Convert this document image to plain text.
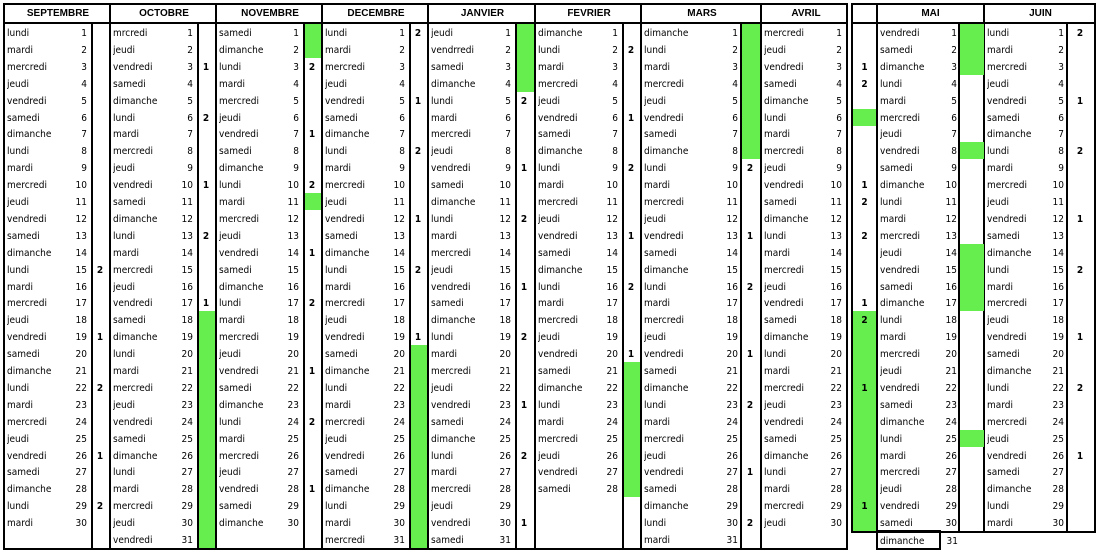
SEPTEMBRE
lundi	1
mardi	2
mercredi	3
jeudi	4
vendredi	5
samedi	6
dimanche	7
lundi	8
mardi	9
mercredi	10
jeudi	11
vendredi	12
samedi	13
dimanche	14
lundi	15 2
mardi	16
mercredi	17
jeudi	18
vendredi	19 1
samedi	20
dimanche	21
lundi	22 2
mardi	23
mercredi	24
jeudi	25
vendredi	26 1
samedi	27
dimanche	28
lundi	29 2
mardi	30
OCTOBRE
mrcredi	1
jeudi	2
vendredi	3 1
samedi	4
dimanche	5
lundi	6 2
mardi	7
mercredi	8
jeudi	9
vendredi	10 1
samedi	11
dimanche	12
lundi	13 2
mardi	14
mercredi	15
jeudi	16
vendredi	17 1
samedi	18
dimanche	19
lundi	20
mardi	21
mercredi	22
jeudi	23
vendredi	24
samedi	25
dimanche	26
lundi	27
mardi	28
mercredi	29
jeudi	30
vendredi	31
NOVEMBRE
samedi	1
dimanche	2
lundi	3 2
mardi	4
mercredi	5
jeudi	6
vendredi	7 1
samedi	8
dimanche	9
lundi	10 2
mardi	11
mercredi	12
jeudi	13
vendredi	14 1
samedi	15
dimanche	16
lundi	17 2
mardi	18
mercredi	19
jeudi	20
vendredi	21 1
samedi	22
dimanche	23
lundi	24 2
mardi	25
mercredi	26
jeudi	27
vendredi	28 1
samedi	29
dimanche	30
DECEMBRE
lundi	1 2
mardi	2
mercredi	3
jeudi	4
vendredi	5 1
samedi	6
dimanche	7
lundi	8 2
mardi	9
mercredi	10
jeudi	11
vendredi	12 1
samedi	13
dimanche	14
lundi	15 2
mardi	16
mercredi	17
jeudi	18
vendredi	19 1
samedi	20
dimanche	21
lundi	22
mardi	23
mercredi	24
jeudi	25
vendredi	26
samedi	27
dimanche	28
lundi	29
mardi	30
mercredi	31
JANVIER
jeudi	1
vendrredi	2
samedi	3
dimanche	4
lundi	5 2
mardi	6
mercredi	7
jeudi	8
vendredi	9 1
samedi	10
dimanche	11
lundi	12 2
mardi	13
mercredi	14
jeudi	15
vendredi	16 1
samedi	17
dimanche	18
lundi	19 2
mardi	20
mercredi	21
jeudi	22
vendredi	23 1
samedi	24
dimanche	25
lundi	26 2
mardi	27
mercredi	28
jeudi	29
vendredi	30 1
samedi	31
FEVRIER
dimanche	1
lundi	2 2
mardi	3
mercredi	4
jeudi	5
vendredi	6 1
samedi	7
dimanche	8
lundi	9 2
mardi	10
mercredi	11
jeudi	12
vendredi	13 1
samedi	14
dimanche	15
lundi	16 2
mardi	17
mercredi	18
jeudi	19
vendredi	20 1
samedi	21
dimanche	22
lundi	23
mardi	24
mercredi	25
jeudi	26
vendredi	27
samedi	28
MARS
dimanche	1
lundi	2
mardi	3
mercredi	4
jeudi	5
vendredi	6
samedi	7
dimanche	8
lundi	9 2
mardi	10
mercredi	11
jeudi	12
vendredi	13 1
samedi	14
dimanche	15
lundi	16 2
mardi	17
mercredi	18
jeudi	19
vendredi	20 1
samedi	21
dimanche	22
lundi	23 2
mardi	24
mercredi	25
jeudi	26
vendredi	27 1
samedi	28
dimanche	29
lundi	30 2
mardi	31
AVRIL
mercredi	1
jeudi	2
vendredi	3
samedi	4
dimanche	5
lundi	6
mardi	7
mercredi	8
jeudi	9
vendredi	10
samedi	11
dimanche	12
lundi	13
mardi	14
mercredi	15
jeudi	16
vendredi	17
samedi	18
dimanche	19
lundi	20
mardi	21
mercredi	22
jeudi	23
vendredi	24
samedi	25
dimanche	26
lundi	27
mardi	28
mercredi	29
jeudi	30
MAI	JUIN
vendredi	1
samedi	2
1	dimanche	3
2	lundi	4
mardi	5
mercredi	6
jeudi	7
vendredi	8
samedi	9
1	dimanche	10
2	lundi	11
mardi	12
2	mercredi	13
jeudi	14
vendredi	15
samedi	16
1	dimanche	17
2	lundi	18
mardi	19
mercredi	20
jeudi	21
1	vendredi	22
samedi	23
dimanche	24
lundi	25
mardi	26
mercredi	27
jeudi	28
1	vendredi	29
samedi	30
dimanche	31
lundi	1	2
mardi	2
mercredi	3
jeudi	4
vendredi	5	1
samedi	6
dimanche	7
lundi	8	2
mardi	9
mercredi	10
jeudi	11
vendredi	12	1
samedi	13
dimanche	14
lundi	15	2
mardi	16
mercredi	17
jeudi	18
vendredi	19	1
samedi	20
dimanche	21
lundi	22	2
mardi	23
mercredi	24
jeudi	25
vendredi	26	1
samedi	27
dimanche	28
lundi	29
mardi	30
